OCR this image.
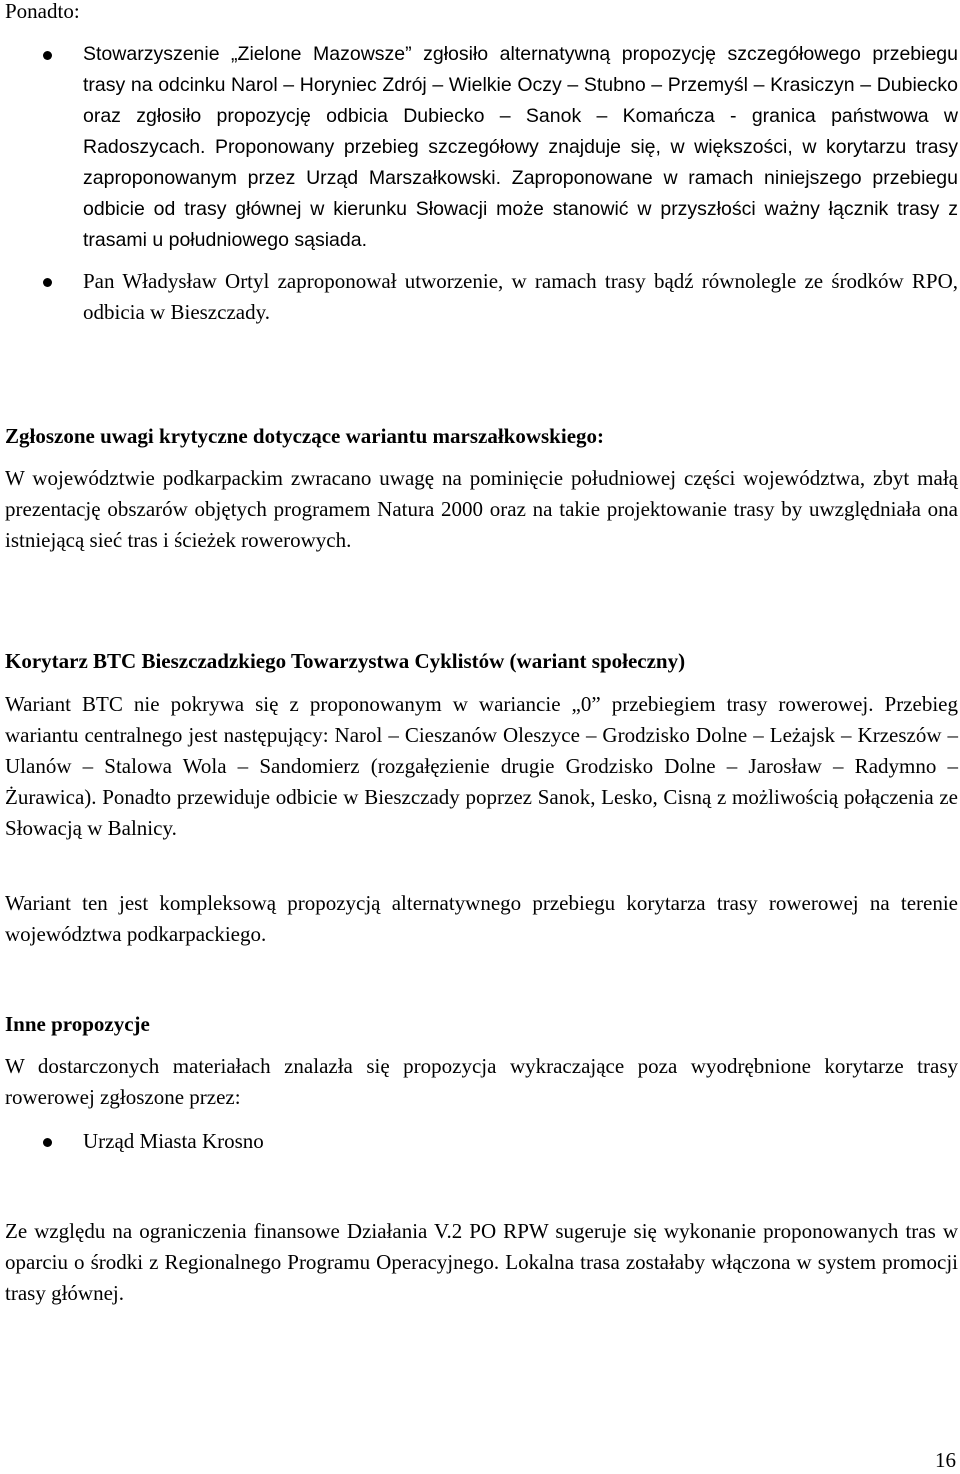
Ponadto:

Stowarzyszenie „Zielone Mazowsze” zgłosiło alternatywną propozycję szczegółowego przebiegu trasy na odcinku Narol – Horyniec Zdrój – Wielkie Oczy – Stubno – Przemyśl – Krasiczyn – Dubiecko oraz zgłosiło propozycję odbicia Dubiecko – Sanok – Komańcza - granica państwowa w Radoszycach. Proponowany przebieg szczegółowy znajduje się, w większości, w korytarzu trasy zaproponowanym przez Urząd Marszałkowski. Zaproponowane w ramach niniejszego przebiegu odbicie od trasy głównej w kierunku Słowacji może stanowić w przyszłości ważny łącznik trasy z trasami u południowego sąsiada.

Pan Władysław Ortyl zaproponował utworzenie, w ramach trasy bądź równolegle ze środków RPO, odbicia w Bieszczady.

Zgłoszone uwagi krytyczne dotyczące wariantu marszałkowskiego:

W województwie podkarpackim zwracano uwagę na pominięcie południowej części województwa, zbyt małą prezentację obszarów objętych programem Natura 2000 oraz na takie projektowanie trasy by uwzględniała ona istniejącą sieć tras i ścieżek rowerowych.

Korytarz BTC Bieszczadzkiego Towarzystwa Cyklistów (wariant społeczny)

Wariant BTC nie pokrywa się z proponowanym w wariancie „0” przebiegiem trasy rowerowej. Przebieg wariantu centralnego jest następujący: Narol – Cieszanów Oleszyce – Grodzisko Dolne – Leżajsk – Krzeszów – Ulanów – Stalowa Wola – Sandomierz (rozgałęzienie drugie Grodzisko Dolne – Jarosław – Radymno – Żurawica). Ponadto przewiduje odbicie w Bieszczady poprzez Sanok, Lesko, Cisną z możliwością połączenia ze Słowacją w Balnicy.

Wariant ten jest kompleksową propozycją alternatywnego przebiegu korytarza trasy rowerowej na terenie województwa podkarpackiego.

Inne propozycje

W dostarczonych materiałach znalazła się propozycja wykraczające poza wyodrębnione korytarze trasy rowerowej zgłoszone przez:

Urząd Miasta Krosno

Ze względu na ograniczenia finansowe Działania V.2 PO RPW sugeruje się wykonanie proponowanych tras w oparciu o środki z Regionalnego Programu Operacyjnego. Lokalna trasa zostałaby włączona w system promocji trasy głównej.

16
